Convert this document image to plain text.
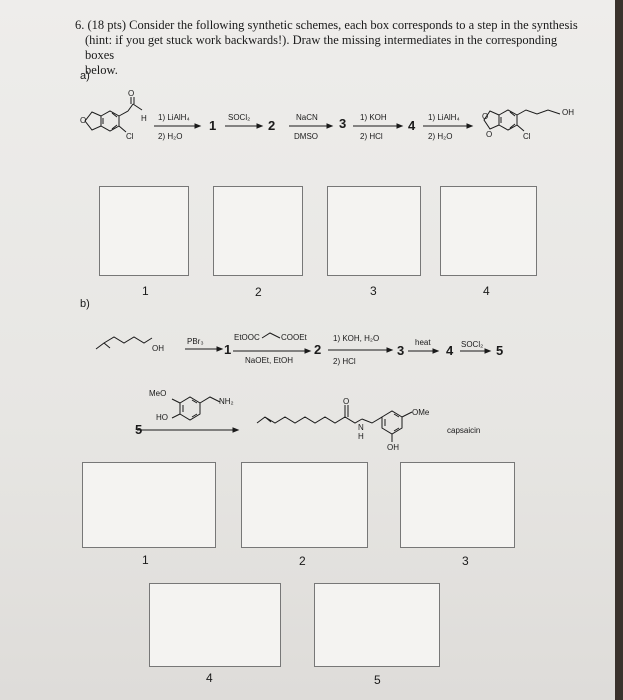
6. (18 pts) Consider the following synthetic schemes, each box corresponds to a step in the synthesis
(hint: if you get stuck work backwards!). Draw the missing intermediates in the corresponding boxes
below.
a)
O
O	H
Cl
1) LiAlH₄
2) H₂O
1
SOCl₂
2
NaCN
DMSO
3 1) KOH
2) HCl
4
1) LiAlH₄
2) H₂O
O
O
OH
Cl
1	2	3	4
b)
OH
PBr₃
1
EtOOC	COOEt
NaOEt, EtOH
2
1) KOH, H₂O
2) HCl
3
heat
4 SOCl₂ 5
MeO
HO
NH₂
5
O
N
H
OMe
OH
capsaicin
1	2	3
4	5
